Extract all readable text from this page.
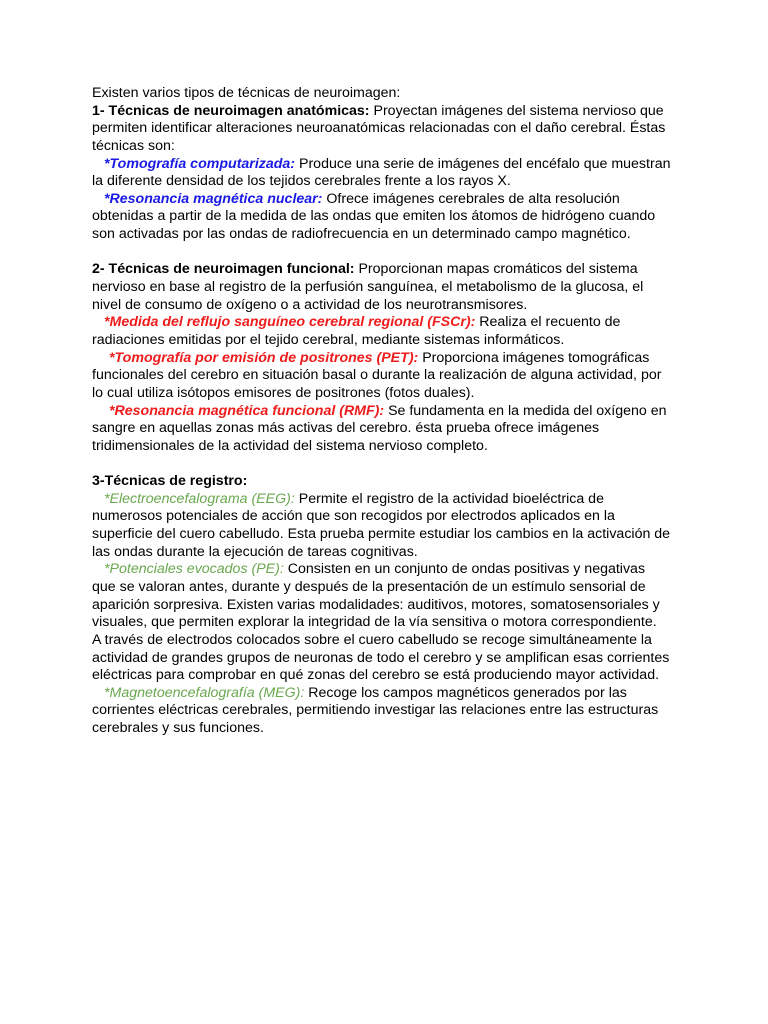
Existen varios tipos de técnicas de neuroimagen:
1- Técnicas de neuroimagen anatómicas: Proyectan imágenes del sistema nervioso que
permiten identificar alteraciones neuroanatómicas relacionadas con el daño cerebral. Éstas
técnicas son:
*Tomografía computarizada: Produce una serie de imágenes del encéfalo que muestran
la diferente densidad de los tejidos cerebrales frente a los rayos X.
*Resonancia magnética nuclear: Ofrece imágenes cerebrales de alta resolución
obtenidas a partir de la medida de las ondas que emiten los átomos de hidrógeno cuando
son activadas por las ondas de radiofrecuencia en un determinado campo magnético.
2- Técnicas de neuroimagen funcional: Proporcionan mapas cromáticos del sistema
nervioso en base al registro de la perfusión sanguínea, el metabolismo de la glucosa, el
nivel de consumo de oxígeno o a actividad de los neurotransmisores.
*Medida del reflujo sanguíneo cerebral regional (FSCr): Realiza el recuento de
radiaciones emitidas por el tejido cerebral, mediante sistemas informáticos.
*Tomografía por emisión de positrones (PET): Proporciona imágenes tomográficas
funcionales del cerebro en situación basal o durante la realización de alguna actividad, por
lo cual utiliza isótopos emisores de positrones (fotos duales).
*Resonancia magnética funcional (RMF): Se fundamenta en la medida del oxígeno en
sangre en aquellas zonas más activas del cerebro. ésta prueba ofrece imágenes
tridimensionales de la actividad del sistema nervioso completo.
3-Técnicas de registro:
*Electroencefalograma (EEG): Permite el registro de la actividad bioeléctrica de
numerosos potenciales de acción que son recogidos por electrodos aplicados en la
superficie del cuero cabelludo. Esta prueba permite estudiar los cambios en la activación de
las ondas durante la ejecución de tareas cognitivas.
*Potenciales evocados (PE): Consisten en un conjunto de ondas positivas y negativas
que se valoran antes, durante y después de la presentación de un estímulo sensorial de
aparición sorpresiva. Existen varias modalidades: auditivos, motores, somatosensoriales y
visuales, que permiten explorar la integridad de la vía sensitiva o motora correspondiente.
A través de electrodos colocados sobre el cuero cabelludo se recoge simultáneamente la
actividad de grandes grupos de neuronas de todo el cerebro y se amplifican esas corrientes
eléctricas para comprobar en qué zonas del cerebro se está produciendo mayor actividad.
*Magnetoencefalografía (MEG): Recoge los campos magnéticos generados por las
corrientes eléctricas cerebrales, permitiendo investigar las relaciones entre las estructuras
cerebrales y sus funciones.
